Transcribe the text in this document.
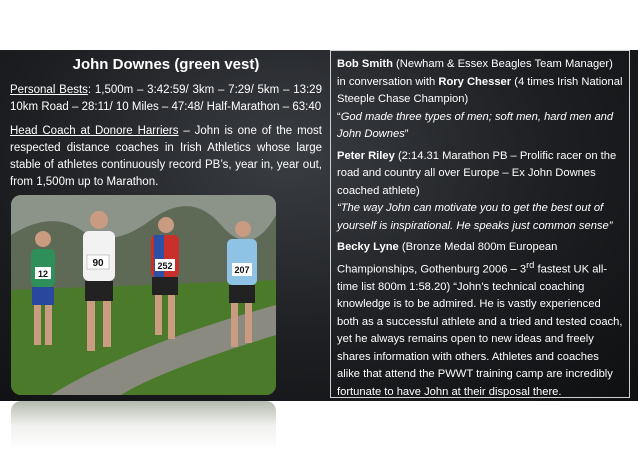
John Downes (green vest)

Personal Bests: 1,500m – 3:42:59/ 3km – 7:29/ 5km – 13:29 10km Road – 28:11/ 10 Miles – 47:48/ Half-Marathon – 63:40

Head Coach at Donore Harriers – John is one of the most respected distance coaches in Irish Athletics whose large stable of athletes continuously record PB’s, year in, year out, from 1,500m up to Marathon.

12
90	252	207

Bob Smith (Newham & Essex Beagles Team Manager) in conversation with Rory Chesser (4 times Irish National Steeple Chase Champion)
“God made three types of men; soft men, hard men and John Downes”

Peter Riley (2:14.31 Marathon PB – Prolific racer on the road and country all over Europe – Ex John Downes coached athlete)
“The way John can motivate you to get the best out of yourself is inspirational. He speaks just common sense”

Becky Lyne (Bronze Medal 800m European Championships, Gothenburg 2006 – 3rd fastest UK all-time list 800m 1:58.20) “John’s technical coaching knowledge is to be admired. He is vastly experienced both as a successful athlete and a tried and tested coach, yet he always remains open to new ideas and freely shares information with others. Athletes and coaches alike that attend the PWWT training camp are incredibly fortunate to have John at their disposal there.
